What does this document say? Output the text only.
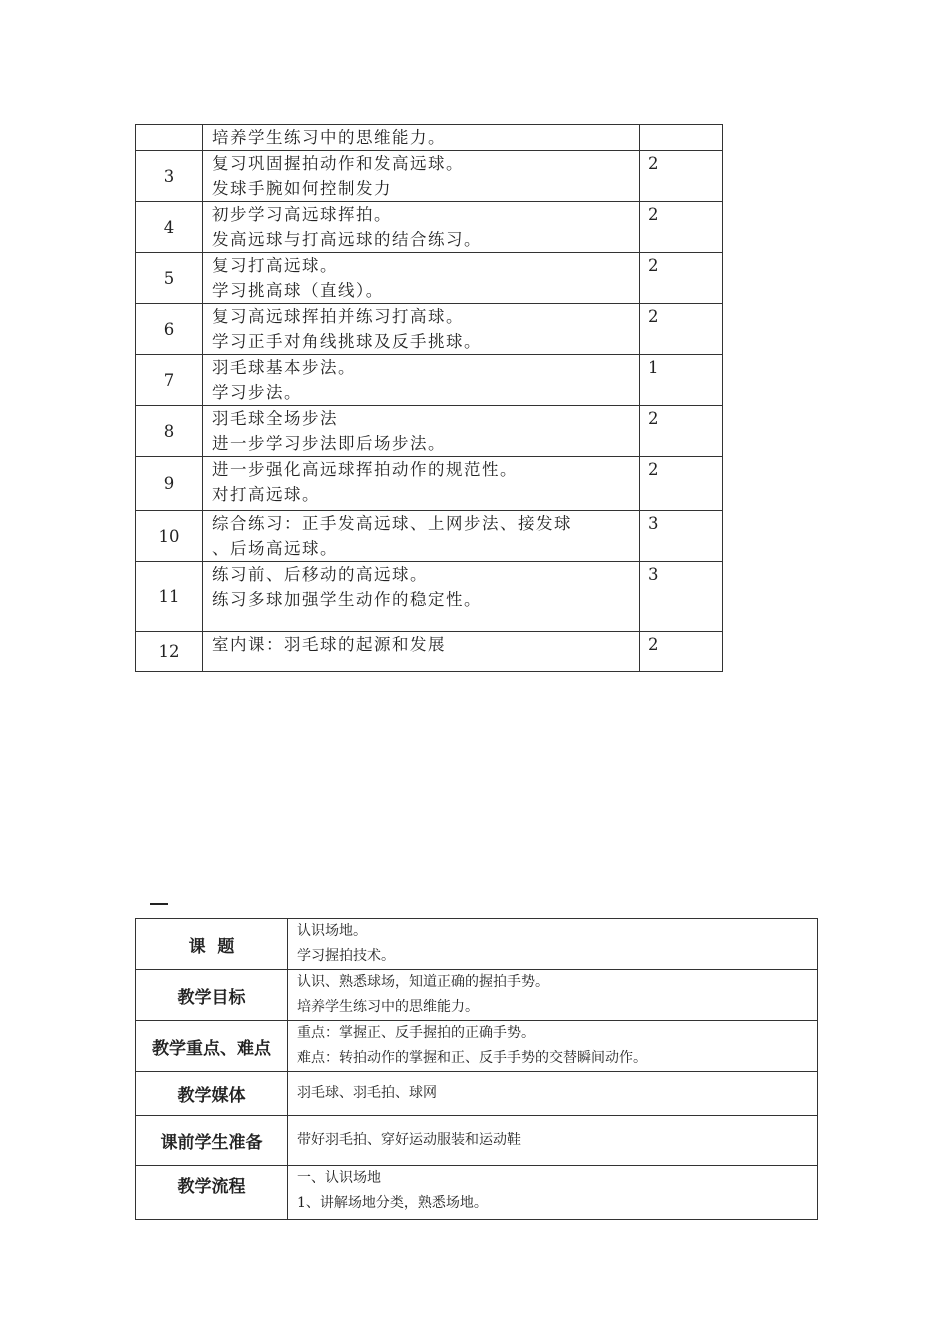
	培养学生练习中的思维能力。	

3	复习巩固握拍动作和发高远球。
发球手腕如何控制发力	2
4	初步学习高远球挥拍。
发高远球与打高远球的结合练习。	2
5	复习打高远球。
学习挑高球（直线）。	2
6	复习高远球挥拍并练习打高球。
学习正手对角线挑球及反手挑球。	2
7	羽毛球基本步法。
学习步法。	1
8	羽毛球全场步法
进一步学习步法即后场步法。	2
9	进一步强化高远球挥拍动作的规范性。
对打高远球。	2
10	综合练习：正手发高远球、上网步法、接发球
、后场高远球。	3
11	练习前、后移动的高远球。
练习多球加强学生动作的稳定性。	3
12	室内课：羽毛球的起源和发展	2
课  题	认识场地。
学习握拍技术。

教学目标	认识、熟悉球场，知道正确的握拍手势。
培养学生练习中的思维能力。

教学重点、难点	重点：掌握正、反手握拍的正确手势。
难点：转拍动作的掌握和正、反手手势的交替瞬间动作。

教学媒体	羽毛球、羽毛拍、球网
课前学生准备	带好羽毛拍、穿好运动服装和运动鞋
教学流程	一、认识场地
1、讲解场地分类，熟悉场地。
